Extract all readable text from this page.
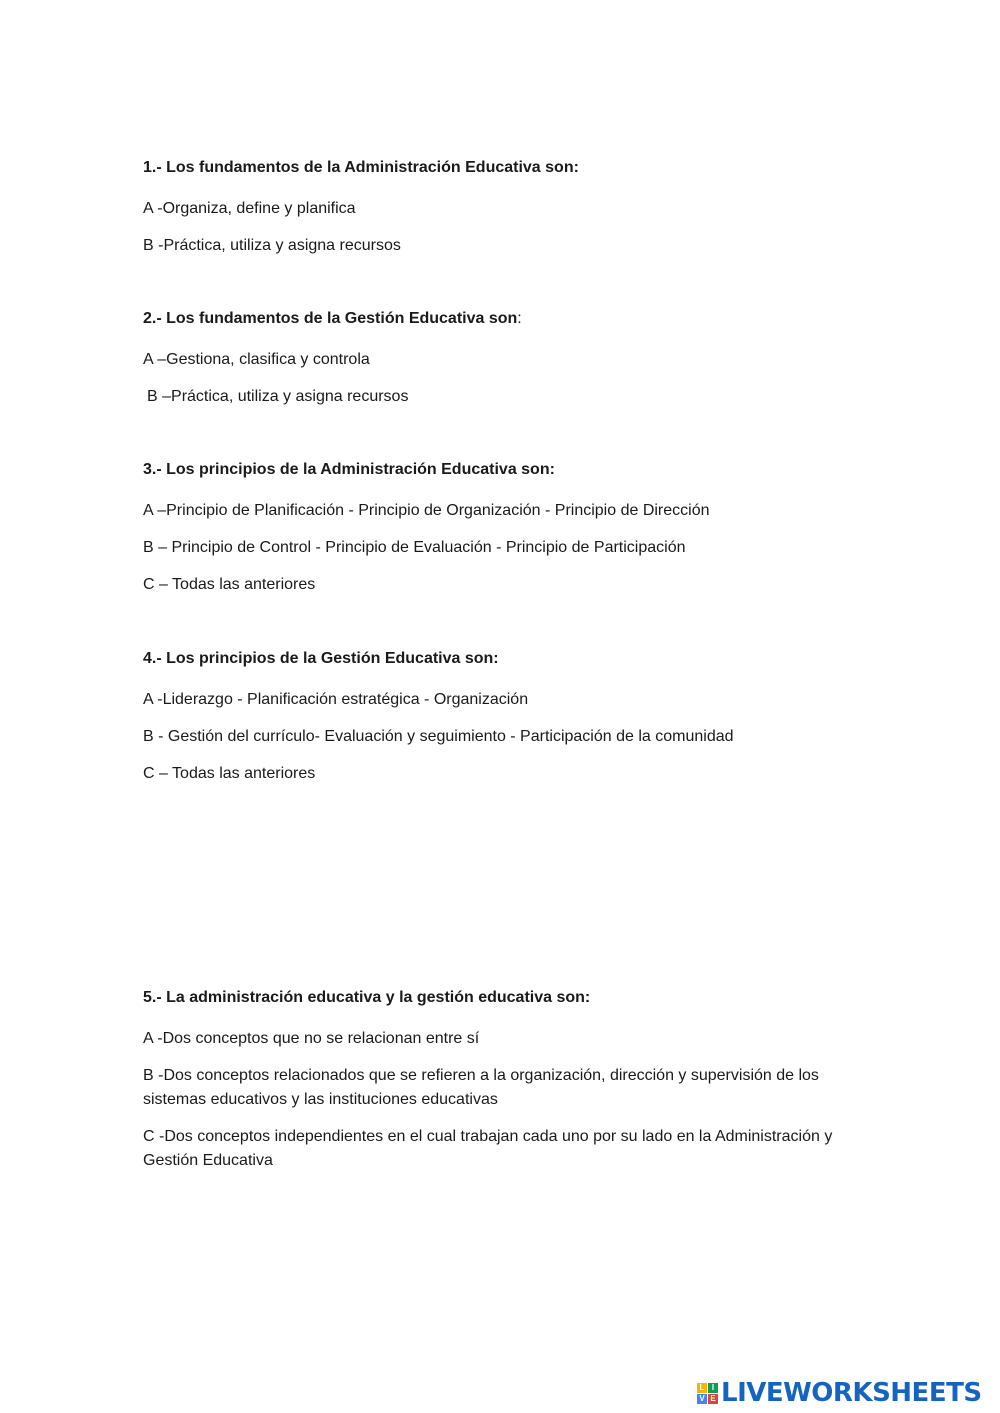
1.- Los fundamentos de la Administración Educativa son:

A -Organiza, define y planifica

B -Práctica, utiliza y asigna recursos

2.- Los fundamentos de la Gestión Educativa son:

A –Gestiona, clasifica y controla

B –Práctica, utiliza y asigna recursos

3.- Los principios de la Administración Educativa son:

A –Principio de Planificación - Principio de Organización - Principio de Dirección

B – Principio de Control - Principio de Evaluación - Principio de Participación

C – Todas las anteriores

4.- Los principios de la Gestión Educativa son:

A -Liderazgo - Planificación estratégica - Organización

B - Gestión del currículo- Evaluación y seguimiento - Participación de la comunidad

C – Todas las anteriores

5.- La administración educativa y la gestión educativa son:

A -Dos conceptos que no se relacionan entre sí

B -Dos conceptos relacionados que se refieren a la organización, dirección y supervisión de los sistemas educativos y las instituciones educativas

C -Dos conceptos independientes en el cual trabajan cada uno por su lado en la Administración y Gestión Educativa

L I
V E LIVEWORKSHEETS
